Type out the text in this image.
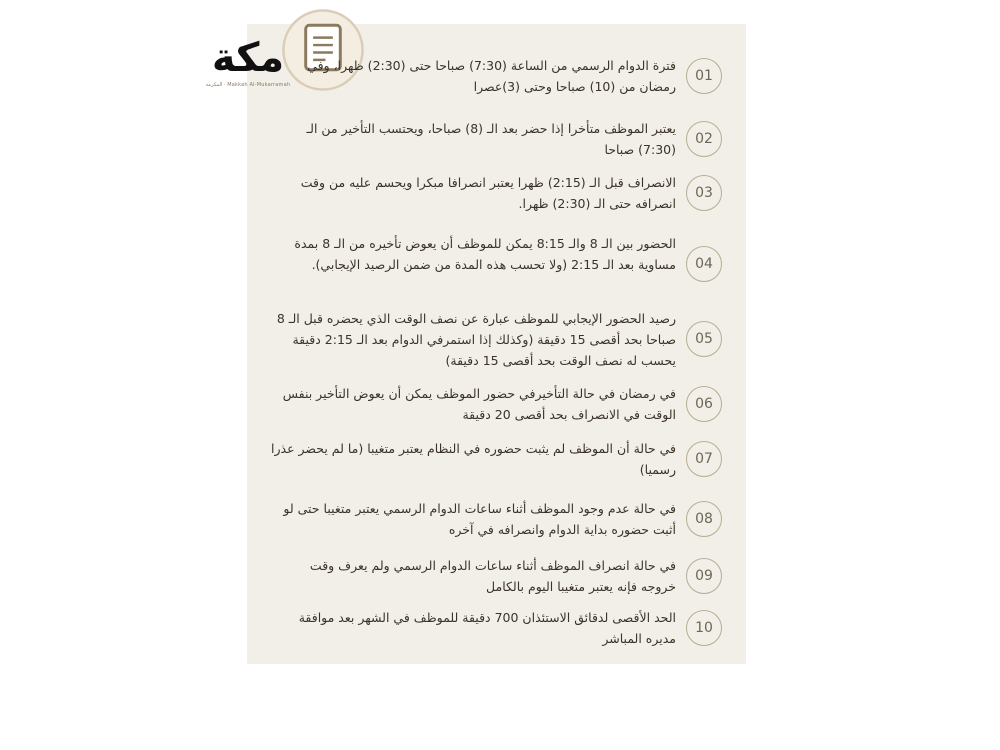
مكة
المكرمة · Makkah Al-Mukarramah
فترة الدوام الرسمي من الساعة (7:30) صباحا حتى (2:30) ظهرا، وفي رمضان من (10) صباحا وحتى (3)عصرا
01
يعتبر الموظف متأخرا إذا حضر بعد الـ (8) صباحا، ويحتسب التأخير من الـ (7:30) صباحا
02
الانصراف قبل الـ (2:15) ظهرا يعتبر انصرافا مبكرا ويحسم عليه من وقت انصرافه حتى الـ (2:30) ظهرا.
03
الحضور بين الـ 8 والـ 8:15 يمكن للموظف أن يعوض تأخيره من الـ 8 بمدة مساوية بعد الـ 2:15 (ولا تحسب هذه المدة من ضمن الرصيد الإيجابي).	04
رصيد الحضور الإيجابي للموظف عبارة عن نصف الوقت الذي يحضره قبل الـ 8 صباحا بحد أقصى 15 دقيقة (وكذلك إذا استمرفي الدوام بعد الـ 2:15 دقيقة يحسب له نصف الوقت بحد أقصى 15 دقيقة)
05
في رمضان في حالة التأخيرفي حضور الموظف يمكن أن يعوض التأخير بنفس الوقت في الانصراف بحد أقصى 20 دقيقة
06
في حالة أن الموظف لم يثبت حضوره في النظام يعتبر متغيبا (ما لم يحضر عذرا رسميا)
07
في حالة عدم وجود الموظف أثناء ساعات الدوام الرسمي يعتبر متغيبا حتى لو أثبت حضوره بداية الدوام وانصرافه في آخره
08
في حالة انصراف الموظف أثناء ساعات الدوام الرسمي ولم يعرف وقت خروجه فإنه يعتبر متغيبا اليوم بالكامل
09
الحد الأقصى لدقائق الاستئذان 700 دقيقة للموظف في الشهر بعد موافقة مديره المباشر
10
